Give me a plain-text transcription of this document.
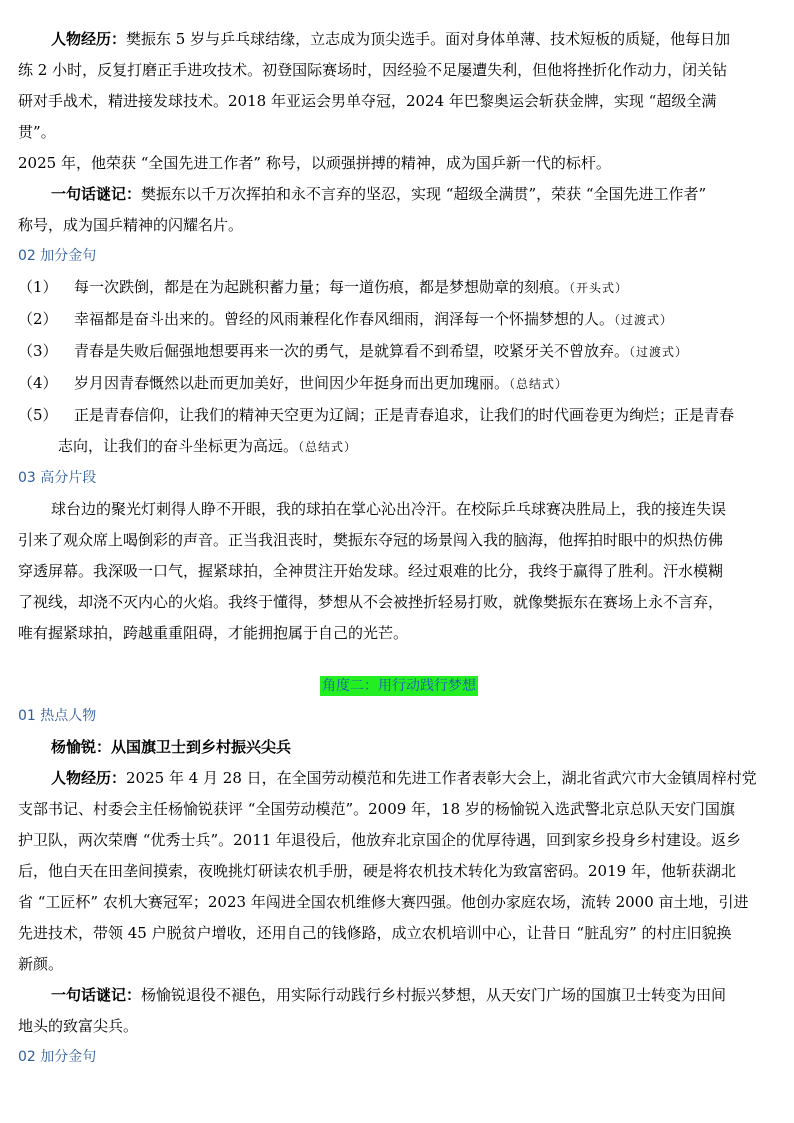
人物经历：樊振东 5 岁与乒乓球结缘，立志成为顶尖选手。面对身体单薄、技术短板的质疑，他每日加

练 2 小时，反复打磨正手进攻技术。初登国际赛场时，因经验不足屡遭失利，但他将挫折化作动力，闭关钻

研对手战术，精进接发球技术。2018 年亚运会男单夺冠，2024 年巴黎奥运会斩获金牌，实现 “超级全满

贯”。

2025 年，他荣获 “全国先进工作者” 称号，以顽强拼搏的精神，成为国乒新一代的标杆。

一句话谜记：樊振东以千万次挥拍和永不言弃的坚忍，实现 “超级全满贯”，荣获 “全国先进工作者”

称号，成为国乒精神的闪耀名片。

02 加分金句

（1）	每一次跌倒，都是在为起跳积蓄力量；每一道伤痕，都是梦想勋章的刻痕。（开头式）
（2）	幸福都是奋斗出来的。曾经的风雨兼程化作春风细雨，润泽每一个怀揣梦想的人。（过渡式）
（3）	青春是失败后倔强地想要再来一次的勇气，是就算看不到希望，咬紧牙关不曾放弃。（过渡式）
（4）	岁月因青春慨然以赴而更加美好，世间因少年挺身而出更加瑰丽。（总结式）
（5）	正是青春信仰，让我们的精神天空更为辽阔；正是青春追求，让我们的时代画卷更为绚烂；正是青春

志向，让我们的奋斗坐标更为高远。（总结式）

03 高分片段

球台边的聚光灯刺得人睁不开眼，我的球拍在掌心沁出冷汗。在校际乒乓球赛决胜局上，我的接连失误

引来了观众席上喝倒彩的声音。正当我沮丧时，樊振东夺冠的场景闯入我的脑海，他挥拍时眼中的炽热仿佛

穿透屏幕。我深吸一口气，握紧球拍，全神贯注开始发球。经过艰难的比分，我终于赢得了胜利。汗水模糊

了视线，却浇不灭内心的火焰。我终于懂得，梦想从不会被挫折轻易打败，就像樊振东在赛场上永不言弃，

唯有握紧球拍，跨越重重阻碍，才能拥抱属于自己的光芒。

角度二：用行动践行梦想

01 热点人物

杨愉锐：从国旗卫士到乡村振兴尖兵

人物经历：2025 年 4 月 28 日，在全国劳动模范和先进工作者表彰大会上，湖北省武穴市大金镇周梓村党

支部书记、村委会主任杨愉锐获评 “全国劳动模范”。2009 年，18 岁的杨愉锐入选武警北京总队天安门国旗

护卫队，两次荣膺 “优秀士兵”。2011 年退役后，他放弃北京国企的优厚待遇，回到家乡投身乡村建设。返乡

后，他白天在田垄间摸索，夜晚挑灯研读农机手册，硬是将农机技术转化为致富密码。2019 年，他斩获湖北

省 “工匠杯” 农机大赛冠军；2023 年闯进全国农机维修大赛四强。他创办家庭农场，流转 2000 亩土地，引进

先进技术，带领 45 户脱贫户增收，还用自己的钱修路，成立农机培训中心，让昔日 “脏乱穷” 的村庄旧貌换

新颜。

一句话谜记：杨愉锐退役不褪色，用实际行动践行乡村振兴梦想，从天安门广场的国旗卫士转变为田间

地头的致富尖兵。

02 加分金句
